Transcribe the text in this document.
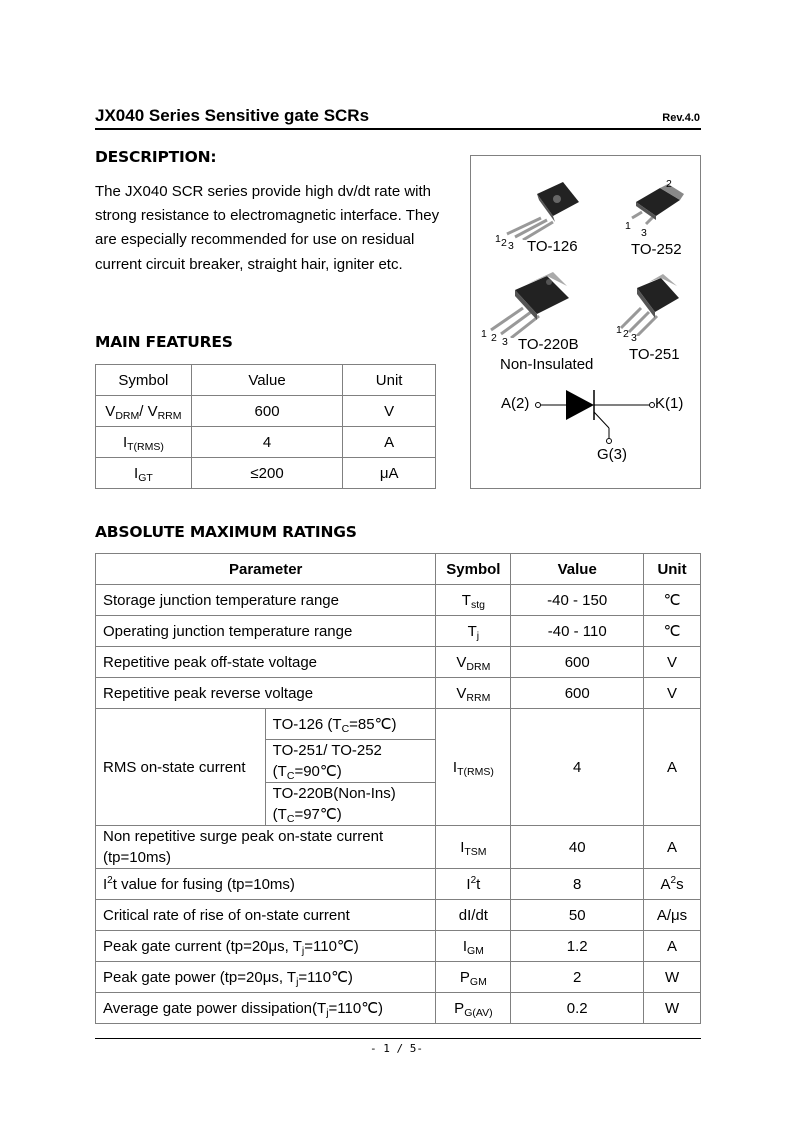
JX040 Series Sensitive gate SCRs	Rev.4.0
DESCRIPTION:
The JX040 SCR series provide high dv/dt rate with strong resistance to electromagnetic interface. They are especially recommended for use on residual current circuit breaker, straight hair, igniter etc.
MAIN FEATURES
Symbol	Value	Unit
$V_{DRM}/$ $V_{RRM}$	600	V
$I_{T(RMS)}$	4	A
$I_{GT}$	≤200	μA
1 2 3 TO-126
2
1
3
TO-252
1 2 3 TO-220B
Non-Insulated
1 2 3
TO-251
A(2)	K(1)
G(3)
ABSOLUTE MAXIMUM RATINGS
Parameter		Symbol	Value	Unit
Storage junction temperature range		$T_{stg}$	-40 - 150	℃
Operating junction temperature range		$T_j$	-40 - 110	℃
Repetitive peak off-state voltage		$V_{DRM}$	600	V
Repetitive peak reverse voltage		$V_{RRM}$	600	V
RMS on-state current	TO-126 $(T_C=85℃)$	$I_{T(RMS)}$	4	A
	TO-251/ TO-252
$(T_C=90℃)$			
	TO-220B(Non-Ins)
$(T_C=97℃)$			
Non repetitive surge peak on-state current (tp=10ms)		$I_{TSM}$	40	A
$I^2t$ value for fusing (tp=10ms)		$I^2t$	8	$A^2s$
Critical rate of rise of on-state current		dI/dt	50	A/μs
Peak gate current (tp=20μs, $T_j=110℃$)		$I_{GM}$	1.2	A
Peak gate power (tp=20μs, $T_j=110℃$)		$P_{GM}$	2	W
Average gate power $dissipation(T_j=110℃)$		$P_{G(AV)}$	0.2	W
- 1 / 5-
